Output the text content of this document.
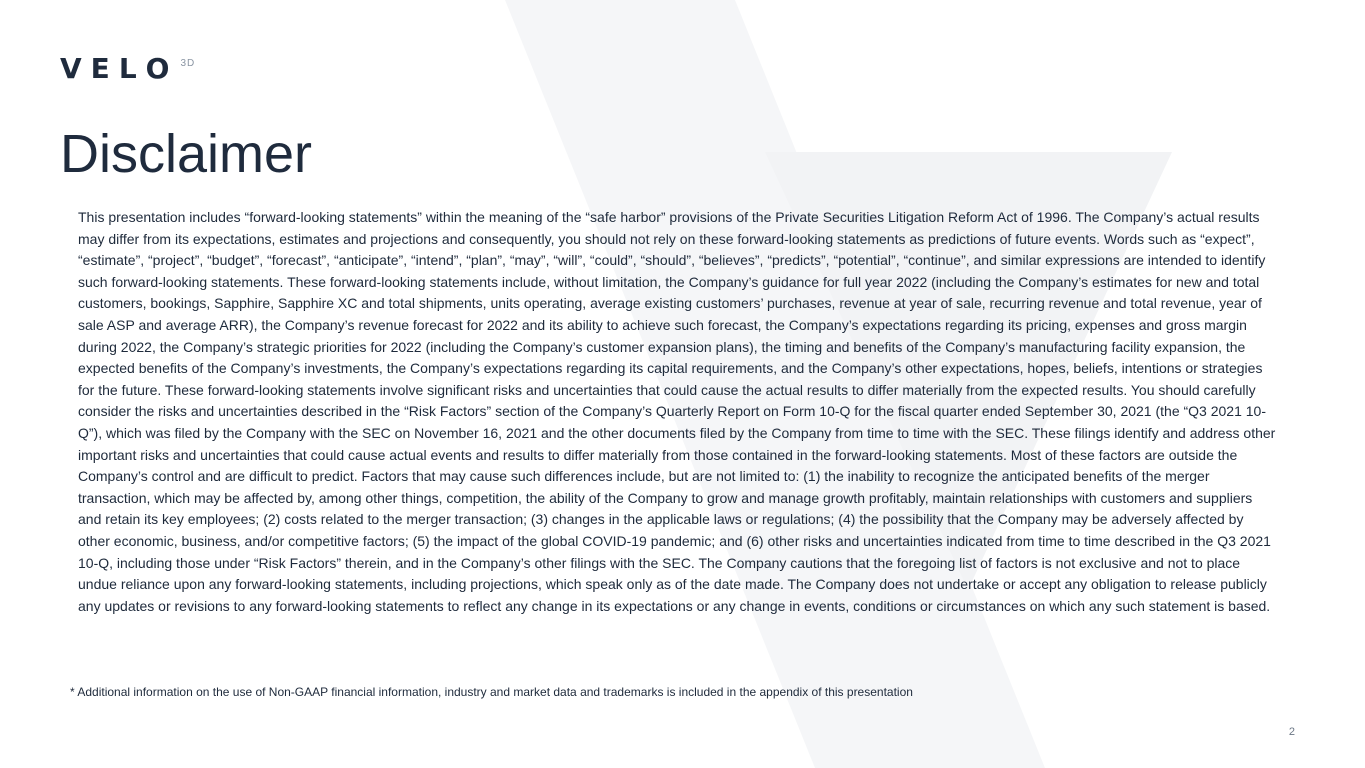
V E L O 3D
Disclaimer

This presentation includes “forward-looking statements” within the meaning of the “safe harbor” provisions of the Private Securities Litigation Reform Act of 1996. The Company’s actual results may differ from its expectations, estimates and projections and consequently, you should not rely on these forward-looking statements as predictions of future events. Words such as “expect”, “estimate”, “project”, “budget”, “forecast”, “anticipate”, “intend”, “plan”, “may”, “will”, “could”, “should”, “believes”, “predicts”, “potential”, “continue”, and similar expressions are intended to identify such forward-looking statements. These forward-looking statements include, without limitation, the Company’s guidance for full year 2022 (including the Company’s estimates for new and total customers, bookings, Sapphire, Sapphire XC and total shipments, units operating, average existing customers’ purchases, revenue at year of sale, recurring revenue and total revenue, year of sale ASP and average ARR), the Company’s revenue forecast for 2022 and its ability to achieve such forecast, the Company’s expectations regarding its pricing, expenses and gross margin during 2022, the Company’s strategic priorities for 2022 (including the Company’s customer expansion plans), the timing and benefits of the Company’s manufacturing facility expansion, the expected benefits of the Company’s investments, the Company’s expectations regarding its capital requirements, and the Company’s other expectations, hopes, beliefs, intentions or strategies for the future. These forward-looking statements involve significant risks and uncertainties that could cause the actual results to differ materially from the expected results. You should carefully consider the risks and uncertainties described in the “Risk Factors” section of the Company’s Quarterly Report on Form 10-Q for the fiscal quarter ended September 30, 2021 (the “Q3 2021 10-Q”), which was filed by the Company with the SEC on November 16, 2021 and the other documents filed by the Company from time to time with the SEC. These filings identify and address other important risks and uncertainties that could cause actual events and results to differ materially from those contained in the forward-looking statements. Most of these factors are outside the Company’s control and are difficult to predict. Factors that may cause such differences include, but are not limited to: (1) the inability to recognize the anticipated benefits of the merger transaction, which may be affected by, among other things, competition, the ability of the Company to grow and manage growth profitably, maintain relationships with customers and suppliers and retain its key employees; (2) costs related to the merger transaction; (3) changes in the applicable laws or regulations; (4) the possibility that the Company may be adversely affected by other economic, business, and/or competitive factors; (5) the impact of the global COVID-19 pandemic; and (6) other risks and uncertainties indicated from time to time described in the Q3 2021 10-Q, including those under “Risk Factors” therein, and in the Company’s other filings with the SEC. The Company cautions that the foregoing list of factors is not exclusive and not to place undue reliance upon any forward-looking statements, including projections, which speak only as of the date made. The Company does not undertake or accept any obligation to release publicly any updates or revisions to any forward-looking statements to reflect any change in its expectations or any change in events, conditions or circumstances on which any such statement is based.

* Additional information on the use of Non-GAAP financial information, industry and market data and trademarks is included in the appendix of this presentation

2
